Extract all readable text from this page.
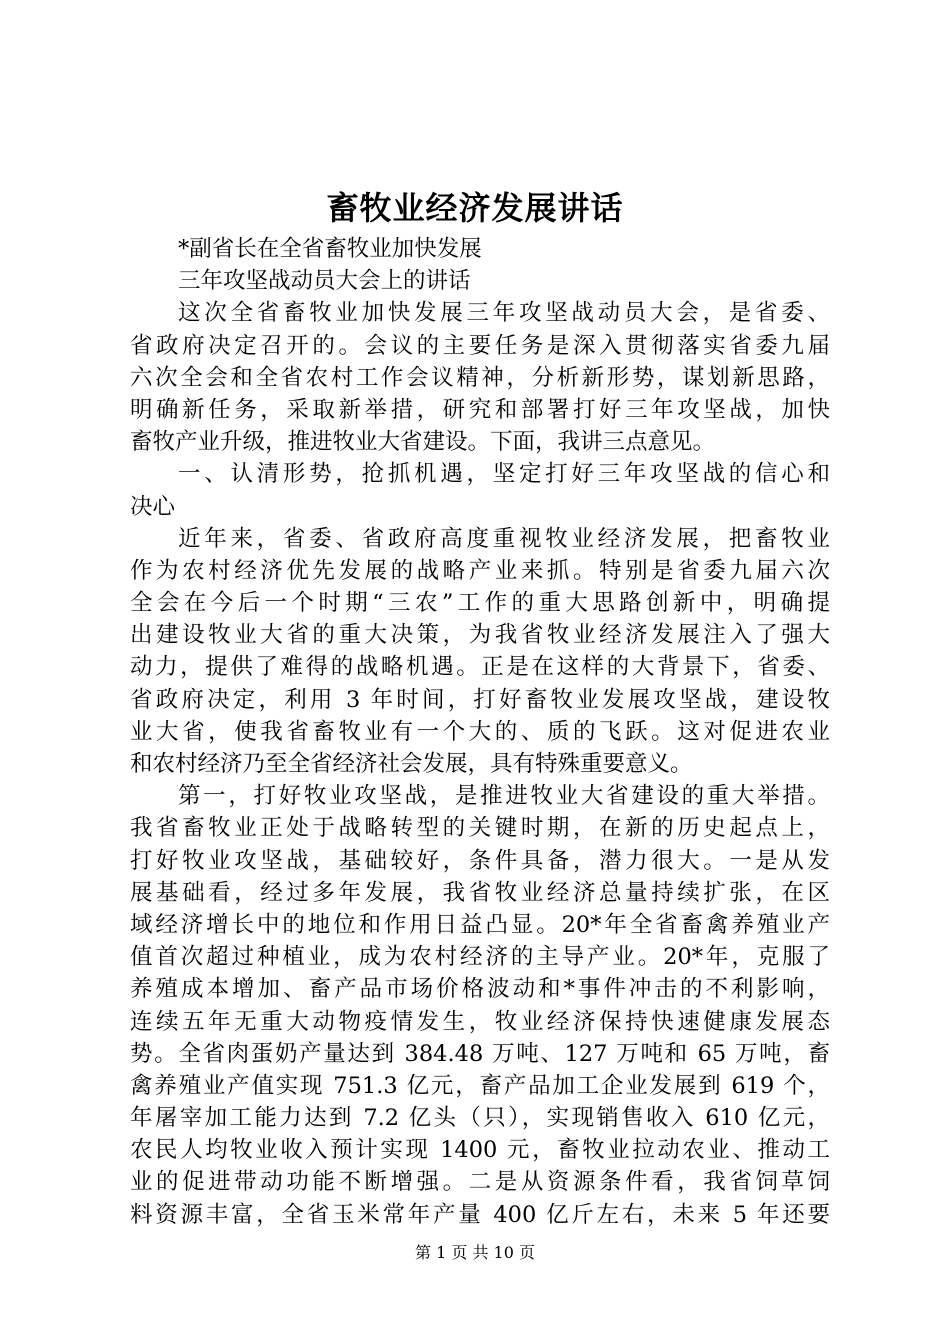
畜牧业经济发展讲话
*副省长在全省畜牧业加快发展
三年攻坚战动员大会上的讲话
这次全省畜牧业加快发展三年攻坚战动员大会，是省委、
省政府决定召开的。会议的主要任务是深入贯彻落实省委九届
六次全会和全省农村工作会议精神，分析新形势，谋划新思路，
明确新任务，采取新举措，研究和部署打好三年攻坚战，加快
畜牧产业升级，推进牧业大省建设。下面，我讲三点意见。
一、认清形势，抢抓机遇，坚定打好三年攻坚战的信心和
决心
近年来，省委、省政府高度重视牧业经济发展，把畜牧业
作为农村经济优先发展的战略产业来抓。特别是省委九届六次
全会在今后一个时期“三农”工作的重大思路创新中，明确提
出建设牧业大省的重大决策，为我省牧业经济发展注入了强大
动力，提供了难得的战略机遇。正是在这样的大背景下，省委、
省政府决定，利用 3 年时间，打好畜牧业发展攻坚战，建设牧
业大省，使我省畜牧业有一个大的、质的飞跃。这对促进农业
和农村经济乃至全省经济社会发展，具有特殊重要意义。
第一，打好牧业攻坚战，是推进牧业大省建设的重大举措。
我省畜牧业正处于战略转型的关键时期，在新的历史起点上，
打好牧业攻坚战，基础较好，条件具备，潜力很大。一是从发
展基础看，经过多年发展，我省牧业经济总量持续扩张，在区
域经济增长中的地位和作用日益凸显。20*年全省畜禽养殖业产
值首次超过种植业，成为农村经济的主导产业。20*年，克服了
养殖成本增加、畜产品市场价格波动和*事件冲击的不利影响，
连续五年无重大动物疫情发生，牧业经济保持快速健康发展态
势。全省肉蛋奶产量达到 384.48 万吨、127 万吨和 65 万吨，畜
禽养殖业产值实现 751.3 亿元，畜产品加工企业发展到 619 个，
年屠宰加工能力达到 7.2 亿头（只），实现销售收入 610 亿元，
农民人均牧业收入预计实现 1400 元，畜牧业拉动农业、推动工
业的促进带动功能不断增强。二是从资源条件看，我省饲草饲
料资源丰富，全省玉米常年产量 400 亿斤左右，未来 5 年还要
第 1 页 共 10 页
